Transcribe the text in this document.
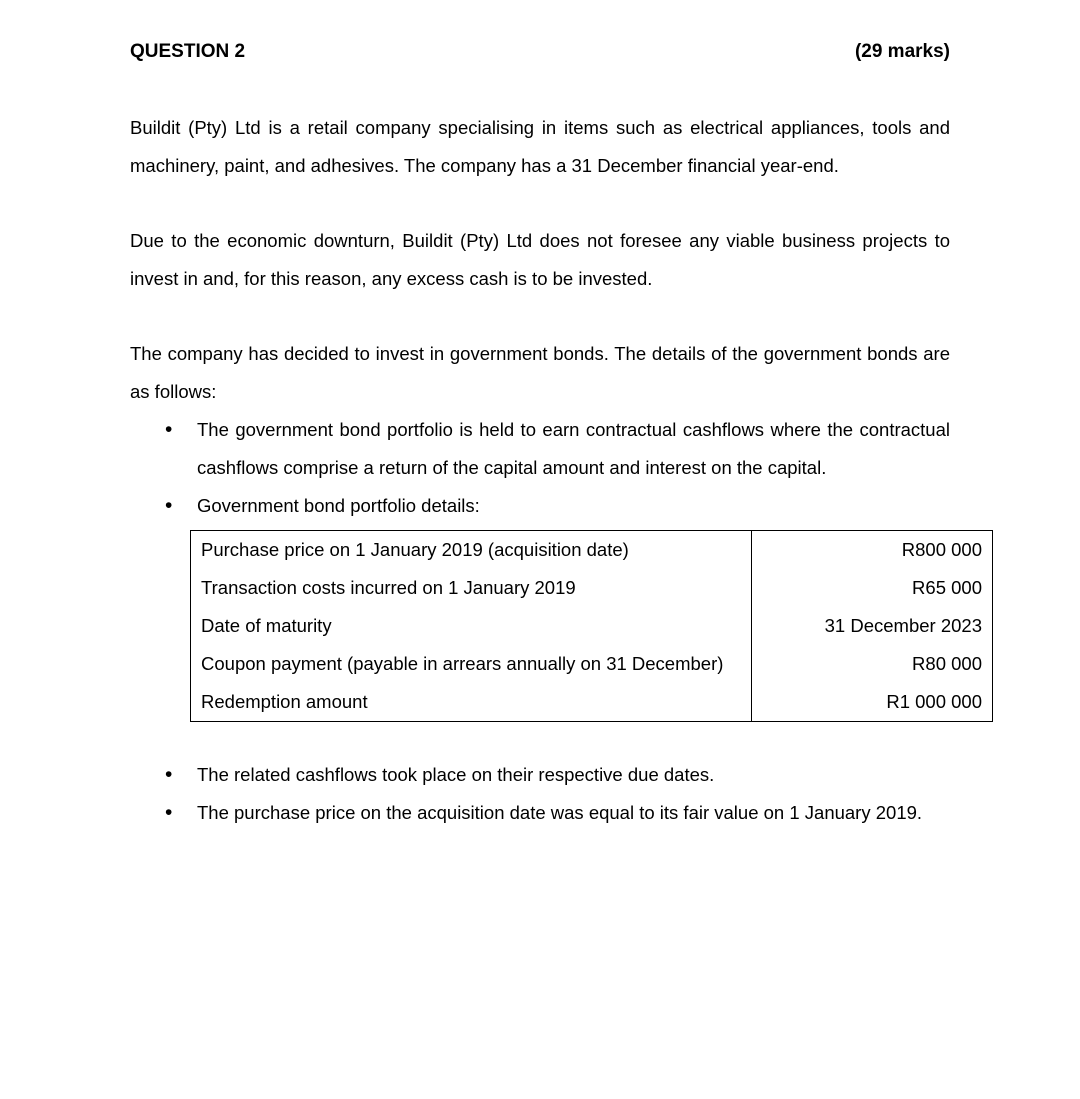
QUESTION 2	(29 marks)

Buildit (Pty) Ltd is a retail company specialising in items such as electrical appliances, tools and machinery, paint, and adhesives. The company has a 31 December financial year-end.

Due to the economic downturn, Buildit (Pty) Ltd does not foresee any viable business projects to invest in and, for this reason, any excess cash is to be invested.

The company has decided to invest in government bonds. The details of the government bonds are as follows:

• The government bond portfolio is held to earn contractual cashflows where the contractual cashflows comprise a return of the capital amount and interest on the capital.
• Government bond portfolio details:
Purchase price on 1 January 2019 (acquisition date)	R800 000
Transaction costs incurred on 1 January 2019	R65 000
Date of maturity	31 December 2023
Coupon payment (payable in arrears annually on 31 December)	R80 000
Redemption amount	R1 000 000
• The related cashflows took place on their respective due dates.
• The purchase price on the acquisition date was equal to its fair value on 1 January 2019.
